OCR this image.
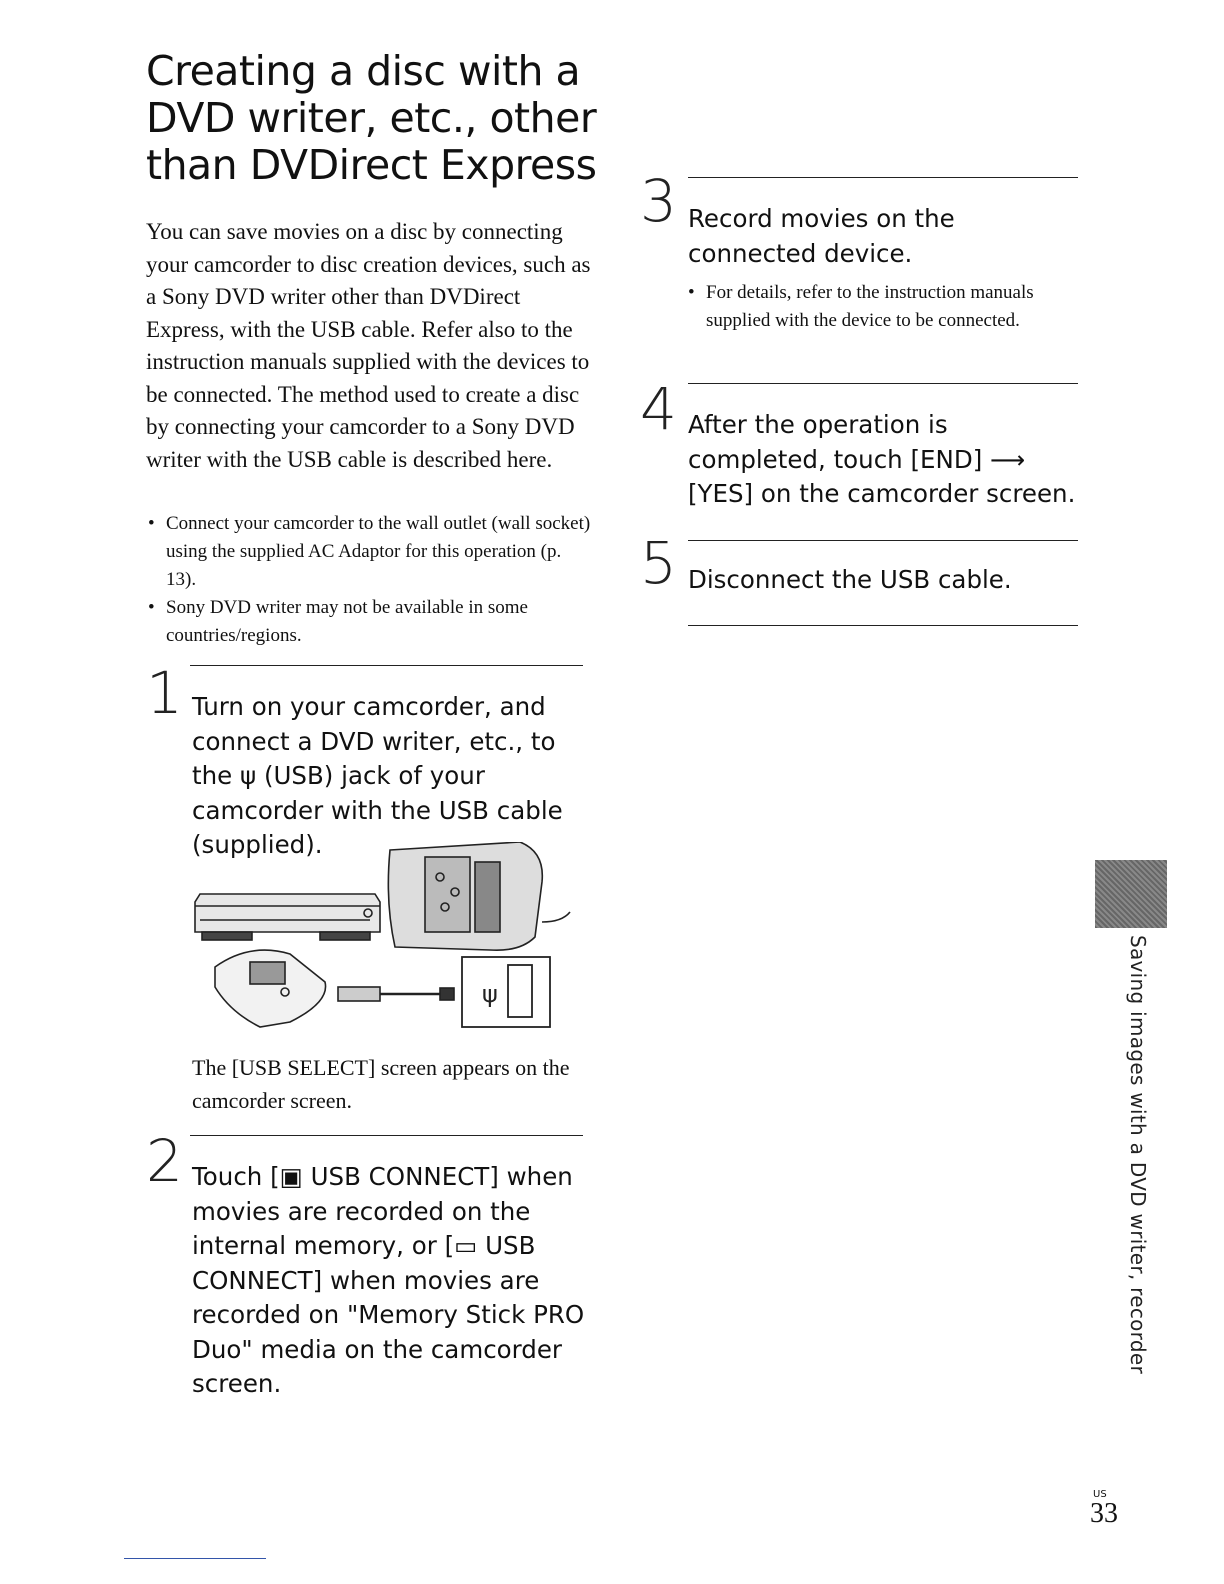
Creating a disc with a DVD writer, etc., other than DVDirect Express

You can save movies on a disc by connecting your camcorder to disc creation devices, such as a Sony DVD writer other than DVDirect Express, with the USB cable. Refer also to the instruction manuals supplied with the devices to be connected. The method used to create a disc by connecting your camcorder to a Sony DVD writer with the USB cable is described here.

• Connect your camcorder to the wall outlet (wall socket) using the supplied AC Adaptor for this operation (p. 13).
• Sony DVD writer may not be available in some countries/regions.
1 Turn on your camcorder, and connect a DVD writer, etc., to the ψ (USB) jack of your camcorder with the USB cable (supplied).

ψ

The [USB SELECT] screen appears on the camcorder screen.

2 Touch [▣ USB CONNECT] when movies are recorded on the internal memory, or [▭ USB CONNECT] when movies are recorded on "Memory Stick PRO Duo" media on the camcorder screen.

3 Record movies on the connected device.

• For details, refer to the instruction manuals supplied with the device to be connected.

4 After the operation is completed, touch [END] ⟶ [YES] on the camcorder screen.

5 Disconnect the USB cable.

Saving images with a DVD writer, recorder
US
33
